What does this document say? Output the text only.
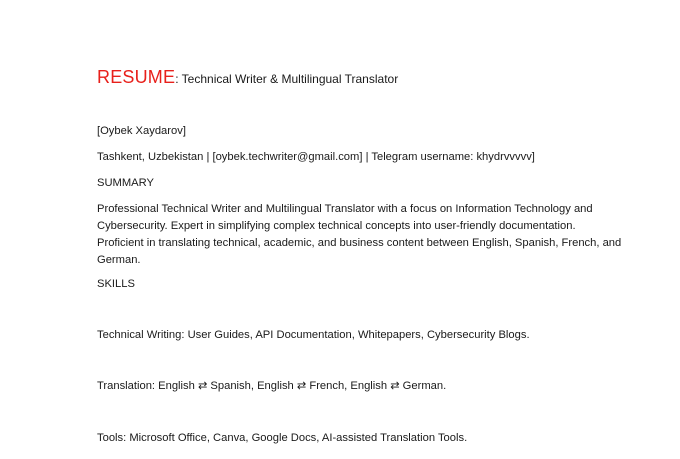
RESUME: Technical Writer & Multilingual Translator
[Oybek Xaydarov]
Tashkent, Uzbekistan | [oybek.techwriter@gmail.com] | Telegram username: khydrvvvvv]
SUMMARY
Professional Technical Writer and Multilingual Translator with a focus on Information Technology and Cybersecurity. Expert in simplifying complex technical concepts into user-friendly documentation. Proficient in translating technical, academic, and business content between English, Spanish, French, and German.
SKILLS
Technical Writing: User Guides, API Documentation, Whitepapers, Cybersecurity Blogs.
Translation: English ⇄ Spanish, English ⇄ French, English ⇄ German.
Tools: Microsoft Office, Canva, Google Docs, AI-assisted Translation Tools.
